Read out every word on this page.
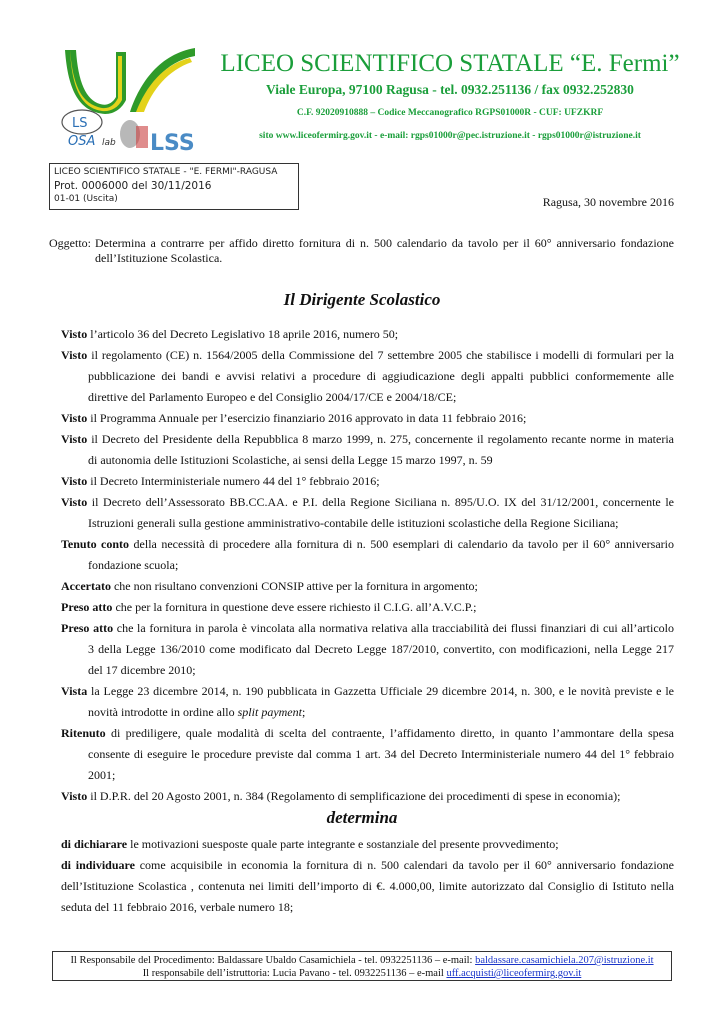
LS
OSA lab LSS
LICEO SCIENTIFICO STATALE “E. Fermi”
Viale Europa, 97100 Ragusa - tel. 0932.251136 / fax 0932.252830
C.F. 92020910888 – Codice Meccanografico RGPS01000R - CUF: UFZKRF
sito www.liceofermirg.gov.it - e-mail: rgps01000r@pec.istruzione.it - rgps01000r@istruzione.it
LICEO SCIENTIFICO STATALE - "E. FERMI"-RAGUSA
Prot. 0006000 del 30/11/2016
01-01 (Uscita)	Ragusa, 30 novembre 2016
Oggetto: Determina a contrarre per affido diretto fornitura di n. 500 calendario da tavolo per il 60° anniversario fondazione dell’Istituzione Scolastica.
Il Dirigente Scolastico
Visto l’articolo 36 del Decreto Legislativo 18 aprile 2016, numero 50;
Visto il regolamento (CE) n. 1564/2005 della Commissione del 7 settembre 2005 che stabilisce i modelli di formulari per la
pubblicazione dei bandi e avvisi relativi a procedure di aggiudicazione degli appalti pubblici conformemente alle
direttive del Parlamento Europeo e del Consiglio 2004/17/CE e 2004/18/CE;
Visto il Programma Annuale per l’esercizio finanziario 2016 approvato in data 11 febbraio 2016;
Visto il Decreto del Presidente della Repubblica 8 marzo 1999, n. 275, concernente il regolamento recante norme in materia
di autonomia delle Istituzioni Scolastiche, ai sensi della Legge 15 marzo 1997, n. 59
Visto il Decreto Interministeriale numero 44 del 1° febbraio 2016;
Visto il Decreto dell’Assessorato BB.CC.AA. e P.I. della Regione Siciliana n. 895/U.O. IX del 31/12/2001, concernente le
Istruzioni generali sulla gestione amministrativo-contabile delle istituzioni scolastiche della Regione Siciliana;
Tenuto conto della necessità di procedere alla fornitura di n. 500 esemplari di calendario da tavolo per il 60° anniversario
fondazione scuola;
Accertato che non risultano convenzioni CONSIP attive per la fornitura in argomento;
Preso atto che per la fornitura in questione deve essere richiesto il C.I.G. all’A.V.C.P.;
Preso atto che la fornitura in parola è vincolata alla normativa relativa alla tracciabilità dei flussi finanziari di cui all’articolo
3 della Legge 136/2010 come modificato dal Decreto Legge 187/2010, convertito, con modificazioni, nella Legge 217
del 17 dicembre 2010;
Vista la Legge 23 dicembre 2014, n. 190 pubblicata in Gazzetta Ufficiale 29 dicembre 2014, n. 300, e le novità previste e le
novità introdotte in ordine allo split payment;
Ritenuto di prediligere, quale modalità di scelta del contraente, l’affidamento diretto, in quanto l’ammontare della spesa
consente di eseguire le procedure previste dal comma 1 art. 34 del Decreto Interministeriale numero 44 del 1° febbraio
2001;
Visto il D.P.R. del 20 Agosto 2001, n. 384 (Regolamento di semplificazione dei procedimenti di spese in economia);
determina
di dichiarare le motivazioni suesposte quale parte integrante e sostanziale del presente provvedimento;
di individuare come acquisibile in economia la fornitura di n. 500 calendari da tavolo per il 60° anniversario fondazione
dell’Istituzione Scolastica , contenuta nei limiti dell’importo di €. 4.000,00, limite autorizzato dal Consiglio di Istituto nella
seduta del 11 febbraio 2016, verbale numero 18;
Il Responsabile del Procedimento: Baldassare Ubaldo Casamichiela - tel. 0932251136 – e-mail: baldassare.casamichiela.207@istruzione.it
Il responsabile dell’istruttoria: Lucia Pavano - tel. 0932251136 – e-mail uff.acquisti@liceofermirg.gov.it
